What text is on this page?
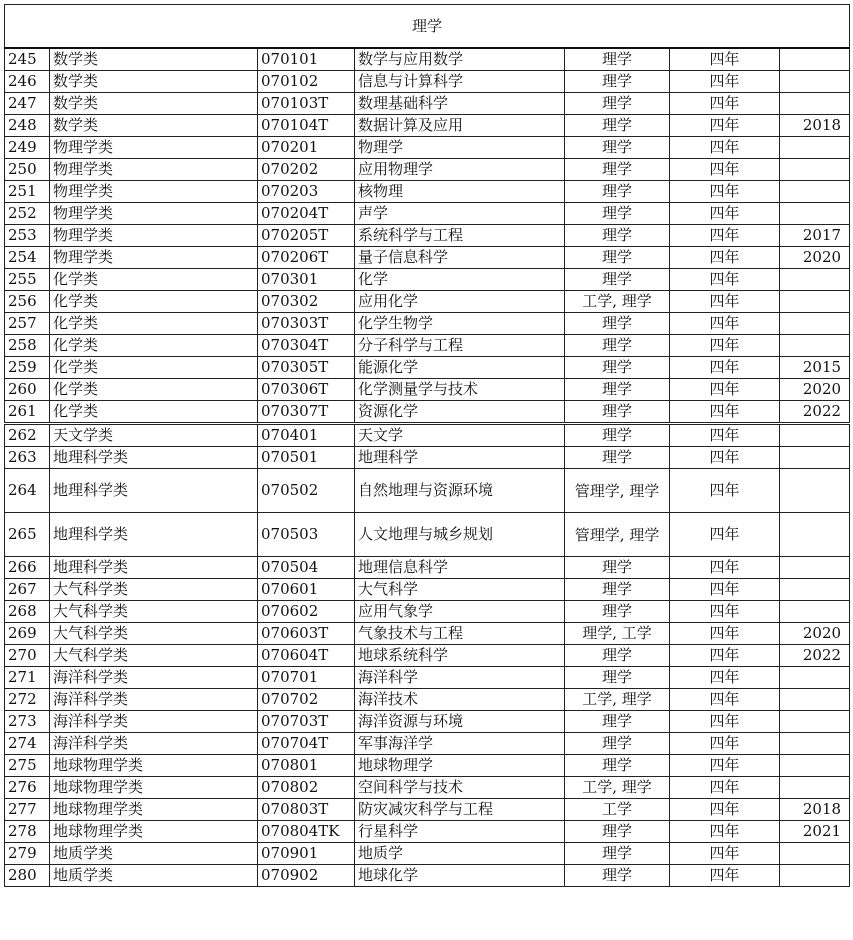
理学						
245	数学类	070101	数学与应用数学	理学	四年	
246	数学类	070102	信息与计算科学	理学	四年	
247	数学类	070103T	数理基础科学	理学	四年	
248	数学类	070104T	数据计算及应用	理学	四年	2018
249	物理学类	070201	物理学	理学	四年	
250	物理学类	070202	应用物理学	理学	四年	
251	物理学类	070203	核物理	理学	四年	
252	物理学类	070204T	声学	理学	四年	
253	物理学类	070205T	系统科学与工程	理学	四年	2017
254	物理学类	070206T	量子信息科学	理学	四年	2020
255	化学类	070301	化学	理学	四年	
256	化学类	070302	应用化学	工学, 理学	四年	
257	化学类	070303T	化学生物学	理学	四年	
258	化学类	070304T	分子科学与工程	理学	四年	
259	化学类	070305T	能源化学	理学	四年	2015
260	化学类	070306T	化学测量学与技术	理学	四年	2020
261	化学类	070307T	资源化学	理学	四年	2022
262	天文学类	070401	天文学	理学	四年	
263	地理科学类	070501	地理科学	理学	四年	
264	地理科学类	070502	自然地理与资源环境	管理学, 理学	四年	
265	地理科学类	070503	人文地理与城乡规划	管理学, 理学	四年	
266	地理科学类	070504	地理信息科学	理学	四年	
267	大气科学类	070601	大气科学	理学	四年	
268	大气科学类	070602	应用气象学	理学	四年	
269	大气科学类	070603T	气象技术与工程	理学, 工学	四年	2020
270	大气科学类	070604T	地球系统科学	理学	四年	2022
271	海洋科学类	070701	海洋科学	理学	四年	
272	海洋科学类	070702	海洋技术	工学, 理学	四年	
273	海洋科学类	070703T	海洋资源与环境	理学	四年	
274	海洋科学类	070704T	军事海洋学	理学	四年	
275	地球物理学类	070801	地球物理学	理学	四年	
276	地球物理学类	070802	空间科学与技术	工学, 理学	四年	
277	地球物理学类	070803T	防灾减灾科学与工程	工学	四年	2018
278	地球物理学类	070804TK	行星科学	理学	四年	2021
279	地质学类	070901	地质学	理学	四年	
280	地质学类	070902	地球化学	理学	四年	
